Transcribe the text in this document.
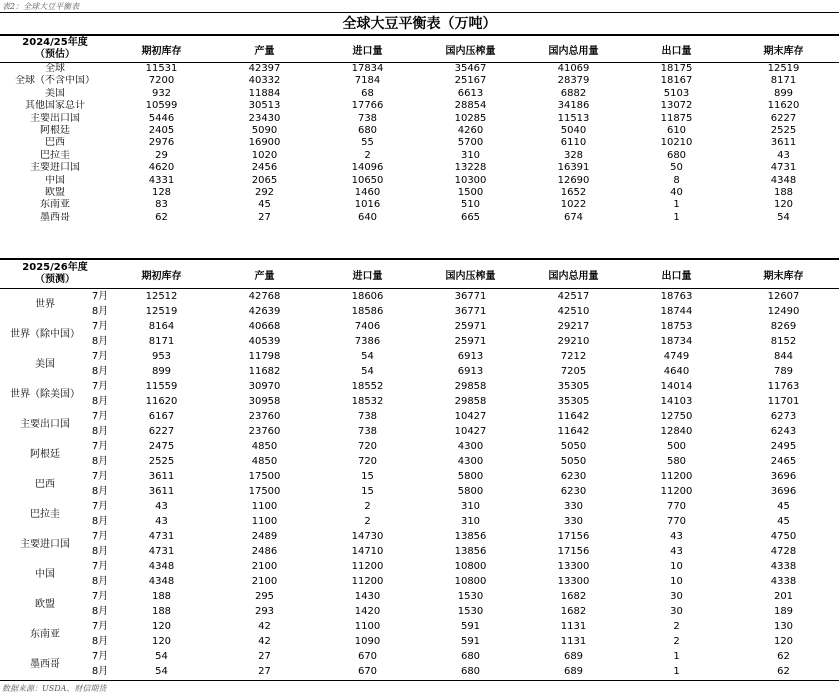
表2：全球大豆平衡表
全球大豆平衡表（万吨）
2024/25年度
（预估）	期初库存	产量	进口量	国内压榨量	国内总用量	出口量	期末库存
全球	11531	42397	17834	35467	41069	18175	12519
全球（不含中国）	7200	40332	7184	25167	28379	18167	8171
美国	932	11884	68	6613	6882	5103	899
其他国家总计	10599	30513	17766	28854	34186	13072	11620
主要出口国	5446	23430	738	10285	11513	11875	6227
阿根廷	2405	5090	680	4260	5040	610	2525
巴西	2976	16900	55	5700	6110	10210	3611
巴拉圭	29	1020	2	310	328	680	43
主要进口国	4620	2456	14096	13228	16391	50	4731
中国	4331	2065	10650	10300	12690	8	4348
欧盟	128	292	1460	1500	1652	40	188
东南亚	83	45	1016	510	1022	1	120
墨西哥	62	27	640	665	674	1	54
2025/26年度
（预测）	期初库存	产量	进口量	国内压榨量	国内总用量	出口量	期末库存
世界	7月	12512	42768	18606	36771	42517	18763	12607
	8月	12519	42639	18586	36771	42510	18744	12490
世界（除中国）	7月	8164	40668	7406	25971	29217	18753	8269
	8月	8171	40539	7386	25971	29210	18734	8152
美国	7月	953	11798	54	6913	7212	4749	844
	8月	899	11682	54	6913	7205	4640	789
世界（除美国）	7月	11559	30970	18552	29858	35305	14014	11763
	8月	11620	30958	18532	29858	35305	14103	11701
主要出口国	7月	6167	23760	738	10427	11642	12750	6273
	8月	6227	23760	738	10427	11642	12840	6243
阿根廷	7月	2475	4850	720	4300	5050	500	2495
	8月	2525	4850	720	4300	5050	580	2465
巴西	7月	3611	17500	15	5800	6230	11200	3696
	8月	3611	17500	15	5800	6230	11200	3696
巴拉圭	7月	43	1100	2	310	330	770	45
	8月	43	1100	2	310	330	770	45
主要进口国	7月	4731	2489	14730	13856	17156	43	4750
	8月	4731	2486	14710	13856	17156	43	4728
中国	7月	4348	2100	11200	10800	13300	10	4338
	8月	4348	2100	11200	10800	13300	10	4338
欧盟	7月	188	295	1430	1530	1682	30	201
	8月	188	293	1420	1530	1682	30	189
东南亚	7月	120	42	1100	591	1131	2	130
	8月	120	42	1090	591	1131	2	120
墨西哥	7月	54	27	670	680	689	1	62
	8月	54	27	670	680	689	1	62
数据来源：USDA、财信期货
